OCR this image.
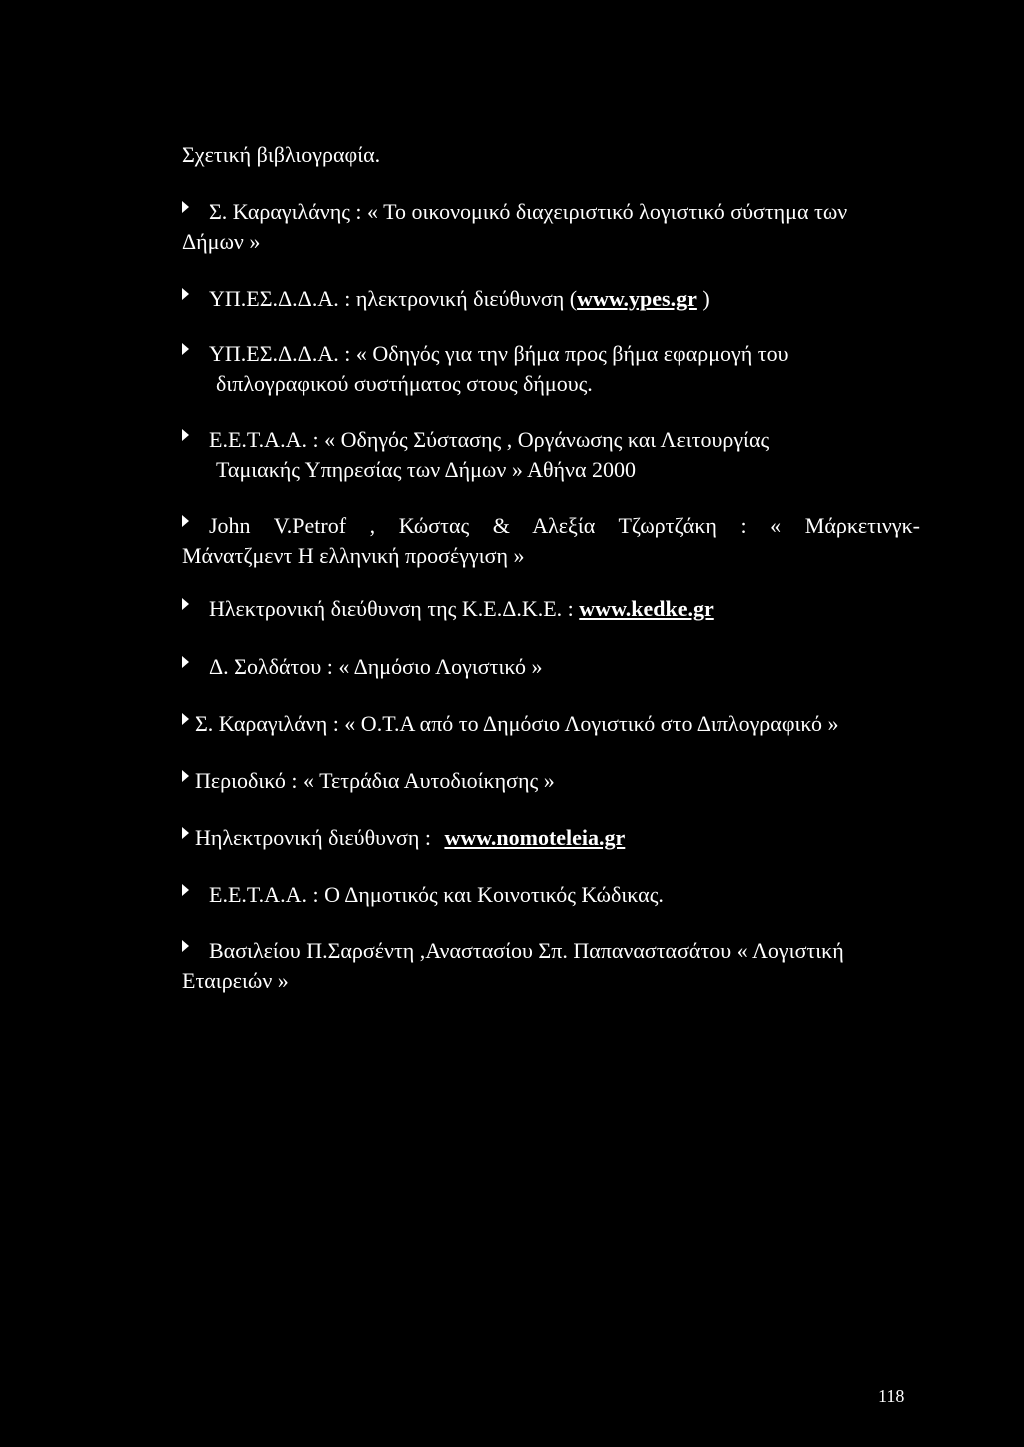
Σχετική βιβλιογραφία.
Σ. Καραγιλάνης : « Το οικονομικό διαχειριστικό λογιστικό σύστημα των
Δήμων »
ΥΠ.ΕΣ.Δ.Δ.Α. : ηλεκτρονική διεύθυνση (www.ypes.gr )
ΥΠ.ΕΣ.Δ.Δ.Α. : « Οδηγός για την βήμα προς βήμα εφαρμογή του
διπλογραφικού συστήματος στους δήμους.
Ε.Ε.Τ.Α.Α. : « Οδηγός Σύστασης , Οργάνωσης και Λειτουργίας
Ταμιακής Υπηρεσίας των Δήμων » Αθήνα 2000
John V.Petrof , Κώστας & Αλεξία Τζωρτζάκη : « Μάρκετινγκ-
Μάνατζμεντ Η ελληνική προσέγγιση »
Ηλεκτρονική διεύθυνση της Κ.Ε.Δ.Κ.Ε. : www.kedke.gr
Δ. Σολδάτου : « Δημόσιο Λογιστικό »
Σ. Καραγιλάνη : « Ο.Τ.Α από το Δημόσιο Λογιστικό στο Διπλογραφικό »
Περιοδικό : « Τετράδια Αυτοδιοίκησης »
Ηηλεκτρονική διεύθυνση : www.nomoteleia.gr
Ε.Ε.Τ.Α.Α. : Ο Δημοτικός και Κοινοτικός Κώδικας.
Βασιλείου Π.Σαρσέντη ,Αναστασίου Σπ. Παπαναστασάτου « Λογιστική
Εταιρειών »
118
